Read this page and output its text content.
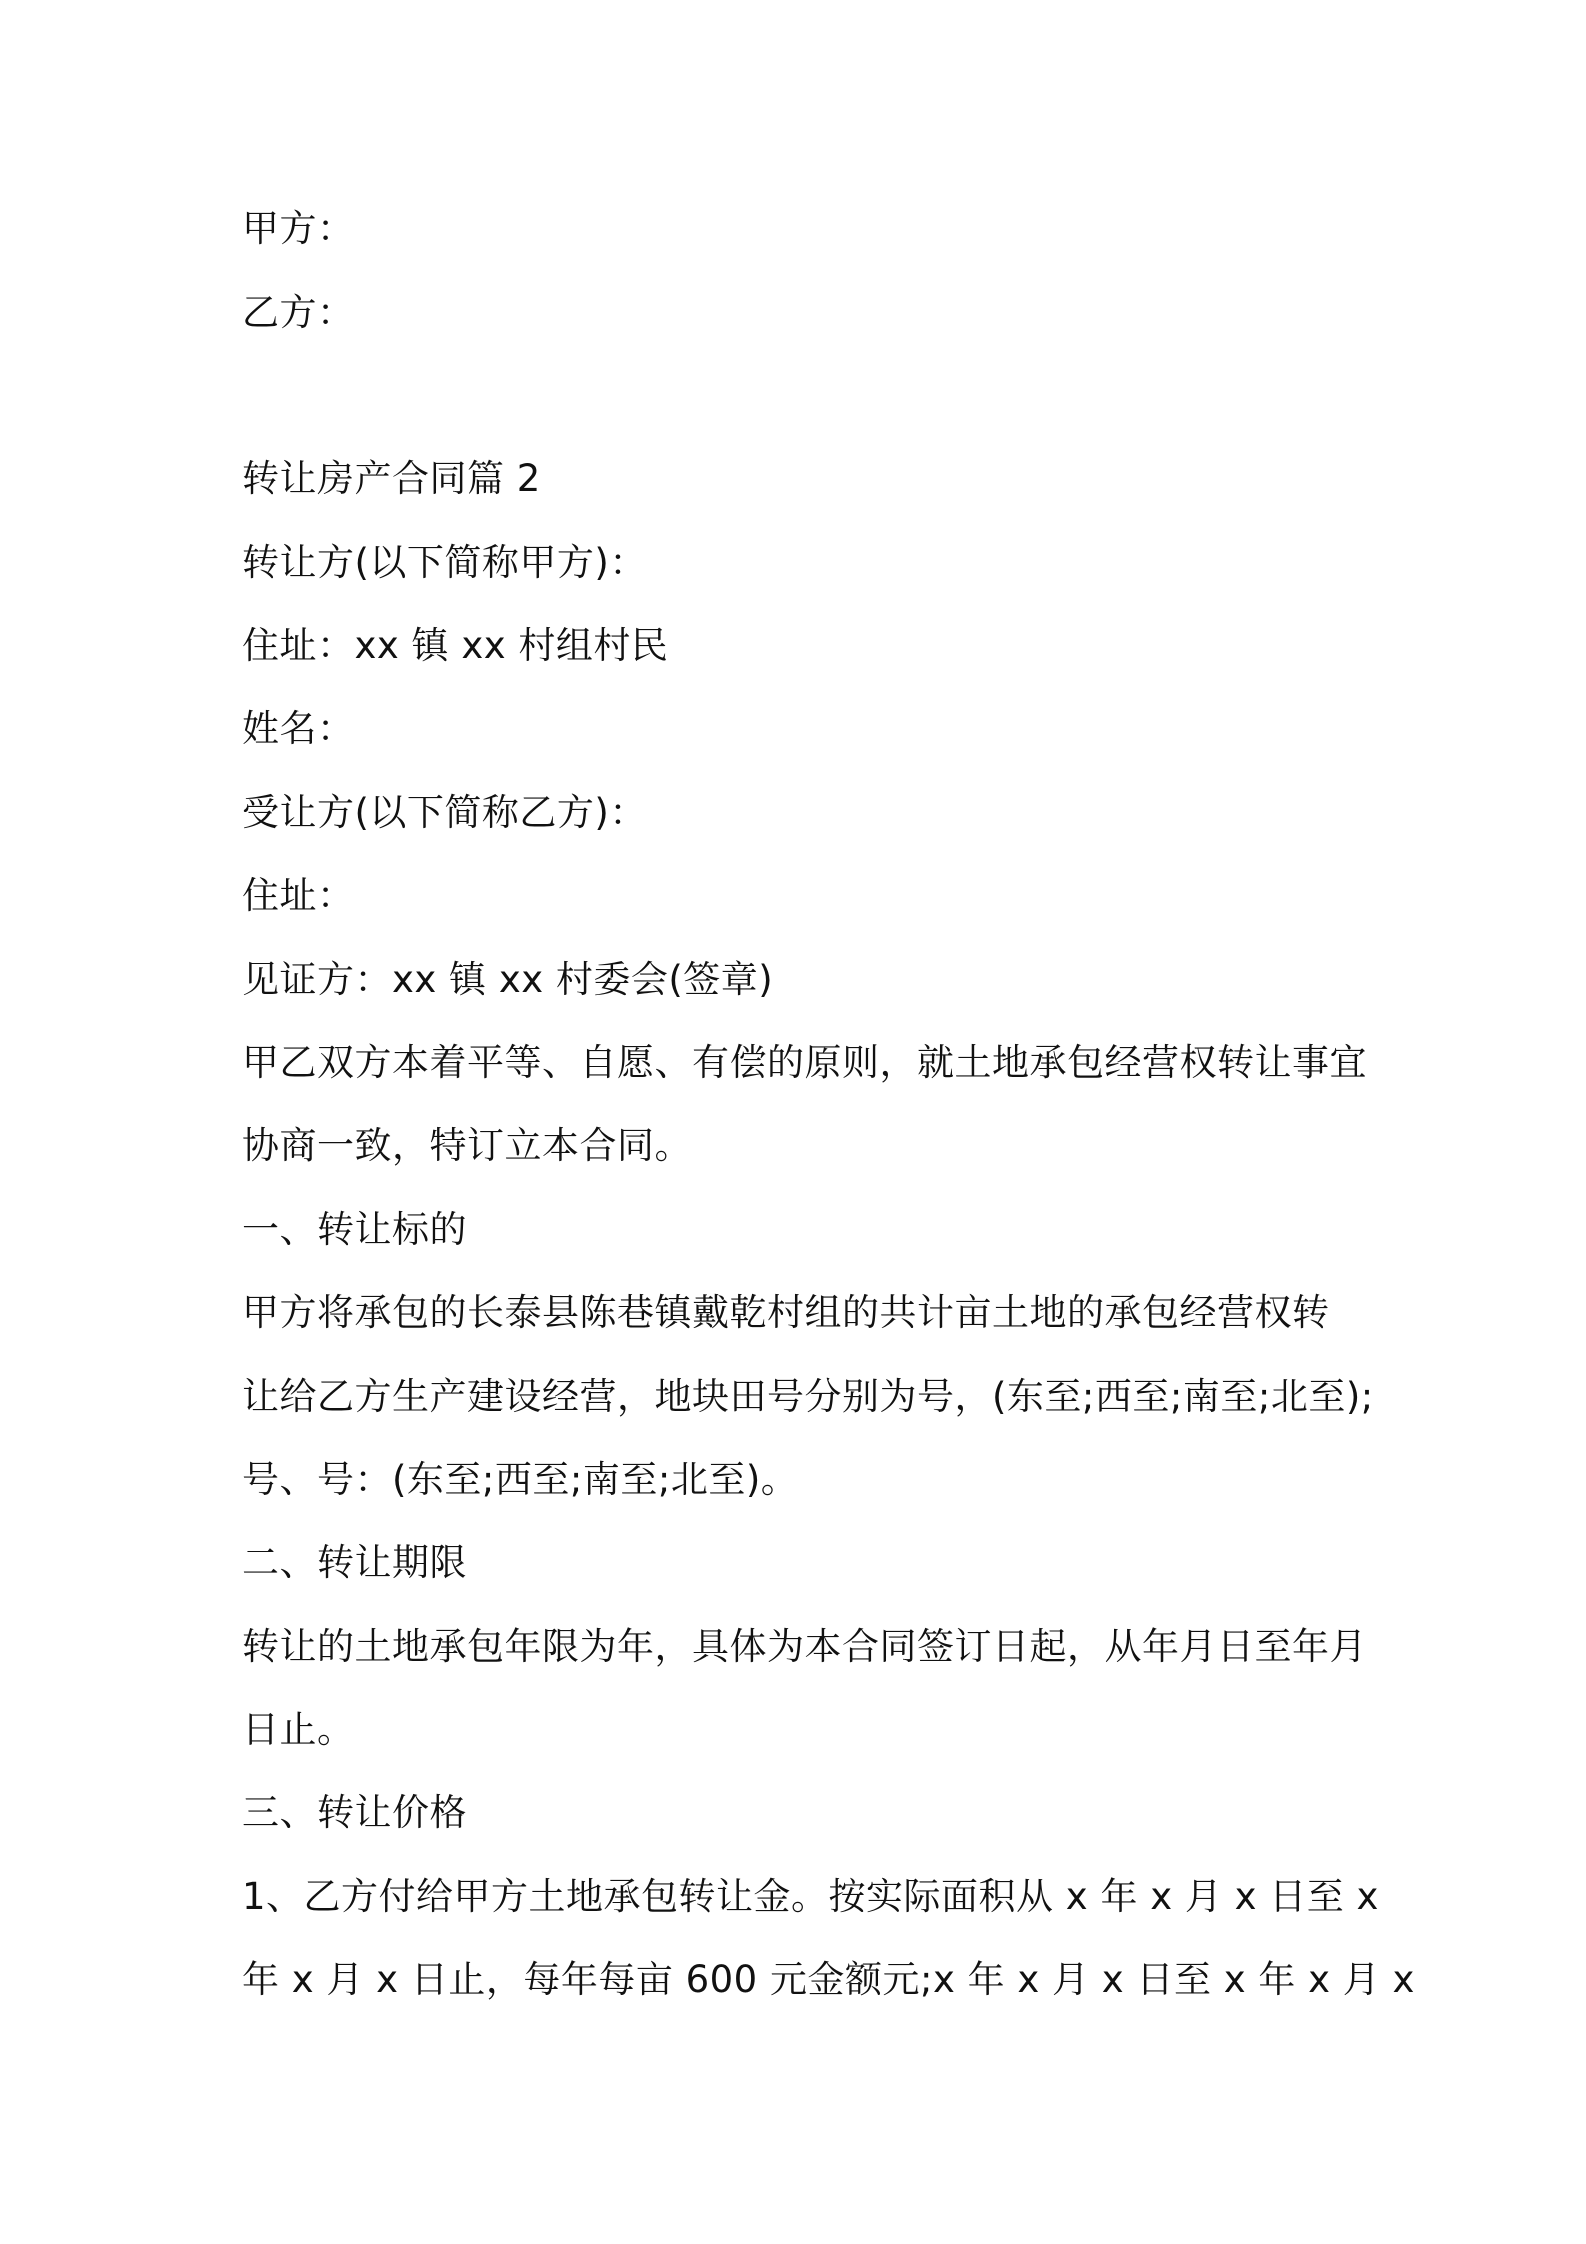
甲方：
乙方：
转让房产合同篇 2
转让方(以下简称甲方)：
住址：xx 镇 xx 村组村民
姓名：
受让方(以下简称乙方)：
住址：
见证方：xx 镇 xx 村委会(签章)
甲乙双方本着平等、自愿、有偿的原则，就土地承包经营权转让事宜
协商一致，特订立本合同。
一、转让标的
甲方将承包的长泰县陈巷镇戴乾村组的共计亩土地的承包经营权转
让给乙方生产建设经营，地块田号分别为号，(东至;西至;南至;北至);
号、号：(东至;西至;南至;北至)。
二、转让期限
转让的土地承包年限为年，具体为本合同签订日起，从年月日至年月
日止。
三、转让价格
1、乙方付给甲方土地承包转让金。按实际面积从 x 年 x 月 x 日至 x
年 x 月 x 日止，每年每亩 600 元金额元;x 年 x 月 x 日至 x 年 x 月 x
